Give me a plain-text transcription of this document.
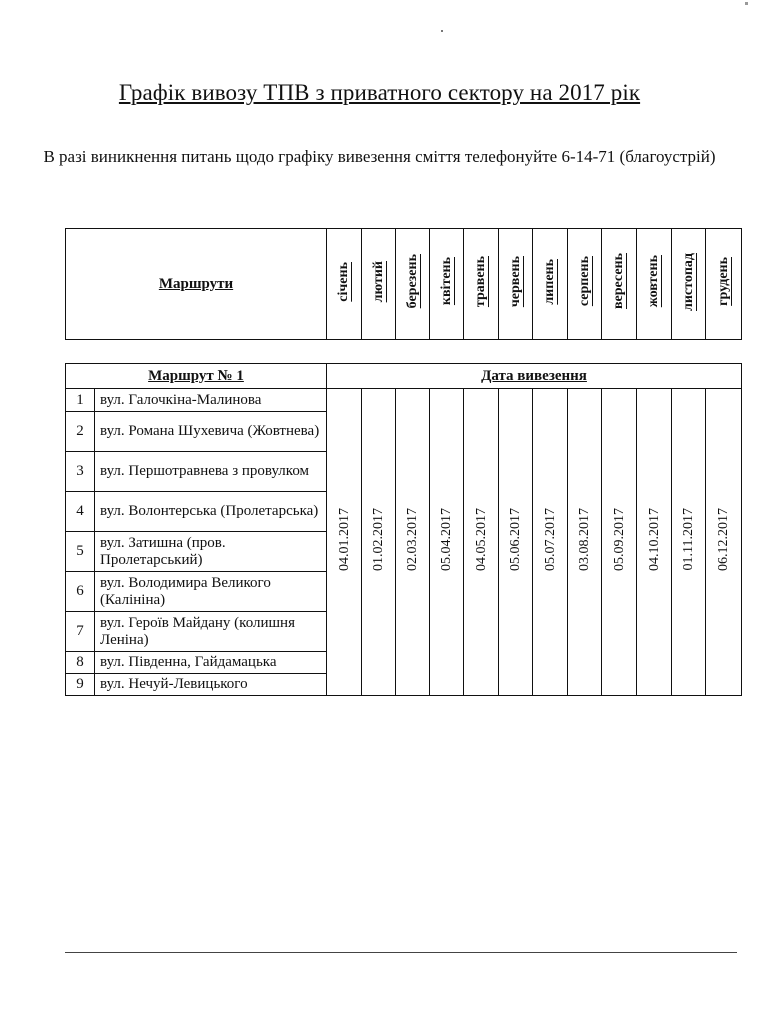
Графік вивозу ТПВ з приватного сектору на 2017 рік
В разі виникнення питань щодо графіку вивезення сміття телефонуйте 6-14-71 (благоустрій)
Маршрути	січень	лютий	березень	квітень	травень	червень	липень	серпень	вересень	жовтень	листопад	грудень
Маршрут № 1		Дата вивезення											
1	вул. Галочкіна-Малинова	04.01.2017	01.02.2017	02.03.2017	05.04.2017	04.05.2017	05.06.2017	05.07.2017	03.08.2017	05.09.2017	04.10.2017	01.11.2017	06.12.2017
2	вул. Романа Шухевича (Жовтнева)												
3	вул. Першотравнева з провулком												
4	вул. Волонтерська (Пролетарська)												
5	вул. Затишна (пров. Пролетарський)												
6	вул. Володимира Великого (Калініна)												
7	вул. Героїв Майдану (колишня Леніна)												
8	вул. Південна, Гайдамацька												
9	вул. Нечуй-Левицького												
